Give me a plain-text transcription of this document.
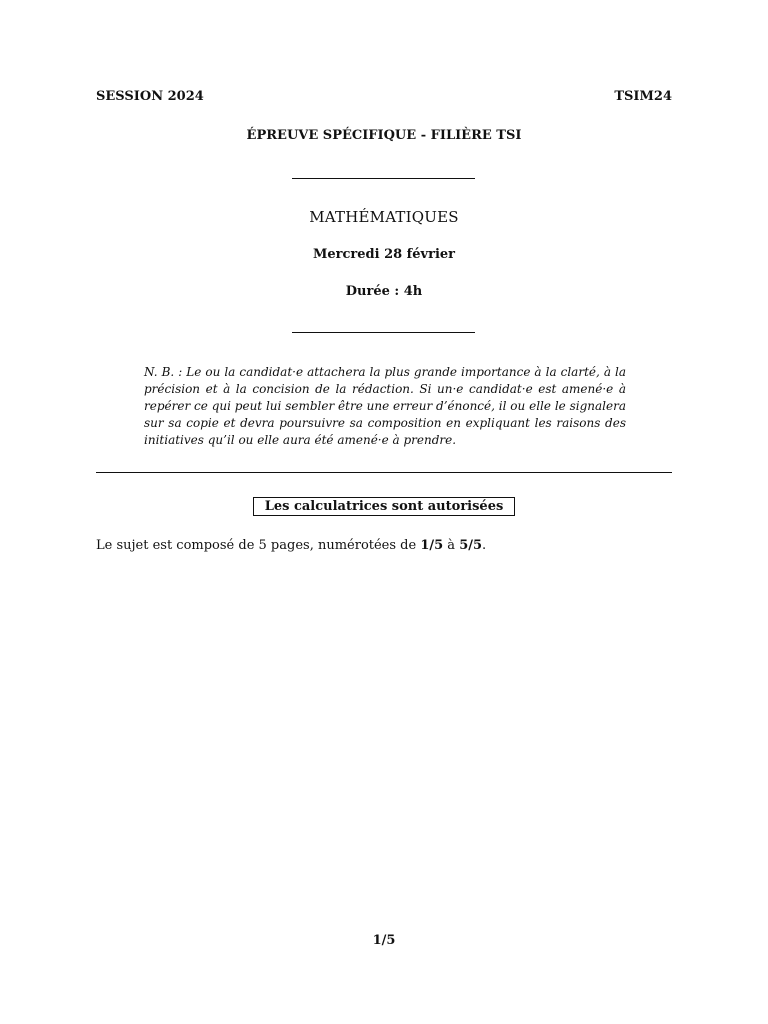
SESSION 2024	TSIM24
ÉPREUVE SPÉCIFIQUE - FILIÈRE TSI
MATHÉMATIQUES
Mercredi 28 février
Durée : 4h
N. B. : Le ou la candidat·e attachera la plus grande importance à la clarté, à la précision et à la concision de la rédaction. Si un·e candidat·e est amené·e à repérer ce qui peut lui sembler être une erreur d’énoncé, il ou elle le signalera sur sa copie et devra poursuivre sa composition en expliquant les raisons des initiatives qu’il ou elle aura été amené·e à prendre.
Les calculatrices sont autorisées
Le sujet est composé de 5 pages, numérotées de 1/5 à 5/5.
1/5
